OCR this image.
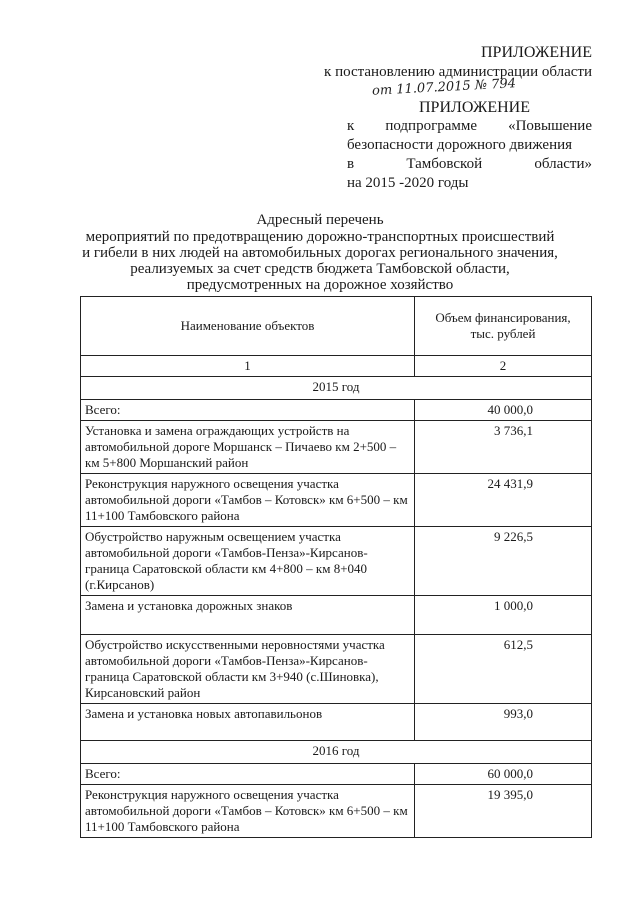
ПРИЛОЖЕНИЕ
к постановлению администрации области
от 11.07.2015 № 794
ПРИЛОЖЕНИЕ
к подпрограмме «Повышение
безопасности дорожного движения
в	Тамбовской	области»
на 2015 -2020 годы
Адресный перечень
мероприятий по предотвращению дорожно-транспортных происшествий
и гибели в них людей на автомобильных дорогах регионального значения,
реализуемых за счет средств бюджета Тамбовской области,
предусмотренных на дорожное хозяйство
Наименование объектов	Объем финансирования,
тыс. рублей

1	2
2015 год	
Всего:	40 000,0
Установка и замена ограждающих устройств на автомобильной дороге Моршанск – Пичаево км 2+500 – км 5+800 Моршанский район	3 736,1
Реконструкция наружного освещения участка автомобильной дороги «Тамбов – Котовск» км 6+500 – км 11+100 Тамбовского района	24 431,9
Обустройство наружным освещением участка автомобильной дороги «Тамбов-Пенза»-Кирсанов-граница Саратовской области км 4+800 – км 8+040 (г.Кирсанов)	9 226,5
Замена и установка дорожных знаков	1 000,0
Обустройство искусственными неровностями участка автомобильной дороги «Тамбов-Пенза»-Кирсанов-граница Саратовской области км 3+940 (с.Шиновка), Кирсановский район	612,5
Замена и установка новых автопавильонов	993,0
2016 год	
Всего:	60 000,0
Реконструкция наружного освещения участка автомобильной дороги «Тамбов – Котовск» км 6+500 – км 11+100 Тамбовского района	19 395,0
